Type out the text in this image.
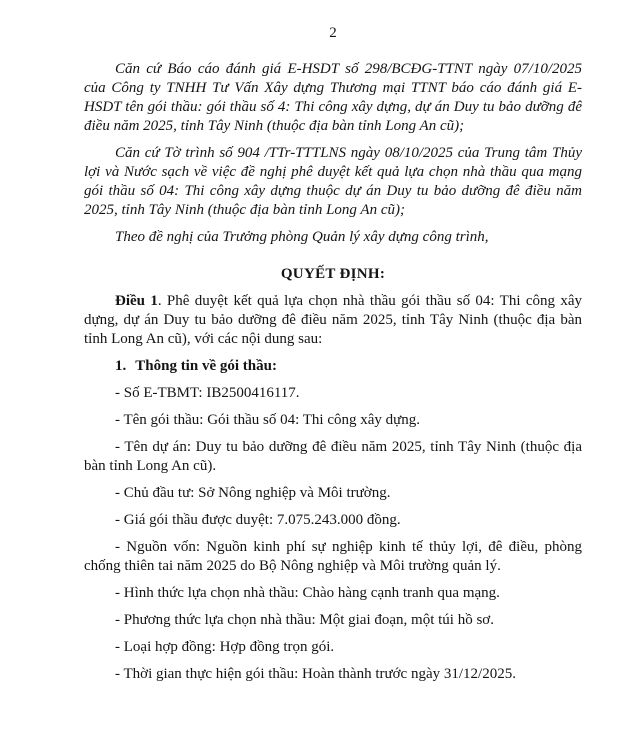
2

Căn cứ Báo cáo đánh giá E-HSDT số 298/BCĐG-TTNT ngày 07/10/2025 của Công ty TNHH Tư Vấn Xây dựng Thương mại TTNT báo cáo đánh giá E-HSDT tên gói thầu: gói thầu số 4: Thi công xây dựng, dự án Duy tu bảo dưỡng đê điều năm 2025, tỉnh Tây Ninh (thuộc địa bàn tỉnh Long An cũ);

Căn cứ Tờ trình số 904 /TTr-TTTLNS ngày 08/10/2025 của Trung tâm Thủy lợi và Nước sạch về việc đề nghị phê duyệt kết quả lựa chọn nhà thầu qua mạng gói thầu số 04: Thi công xây dựng thuộc dự án Duy tu bảo dưỡng đê điều năm 2025, tỉnh Tây Ninh (thuộc địa bàn tỉnh Long An cũ);

Theo đề nghị của Trưởng phòng Quản lý xây dựng công trình,

QUYẾT ĐỊNH:

Điều 1. Phê duyệt kết quả lựa chọn nhà thầu gói thầu số 04: Thi công xây dựng, dự án Duy tu bảo dưỡng đê điều năm 2025, tỉnh Tây Ninh (thuộc địa bàn tỉnh Long An cũ), với các nội dung sau:

1. Thông tin về gói thầu:

- Số E-TBMT: IB2500416117.

- Tên gói thầu: Gói thầu số 04: Thi công xây dựng.

- Tên dự án: Duy tu bảo dưỡng đê điều năm 2025, tỉnh Tây Ninh (thuộc địa bàn tỉnh Long An cũ).

- Chủ đầu tư: Sở Nông nghiệp và Môi trường.

- Giá gói thầu được duyệt: 7.075.243.000 đồng.

- Nguồn vốn: Nguồn kinh phí sự nghiệp kinh tế thủy lợi, đê điều, phòng chống thiên tai năm 2025 do Bộ Nông nghiệp và Môi trường quản lý.

- Hình thức lựa chọn nhà thầu: Chào hàng cạnh tranh qua mạng.

- Phương thức lựa chọn nhà thầu: Một giai đoạn, một túi hồ sơ.

- Loại hợp đồng: Hợp đồng trọn gói.

- Thời gian thực hiện gói thầu: Hoàn thành trước ngày 31/12/2025.
